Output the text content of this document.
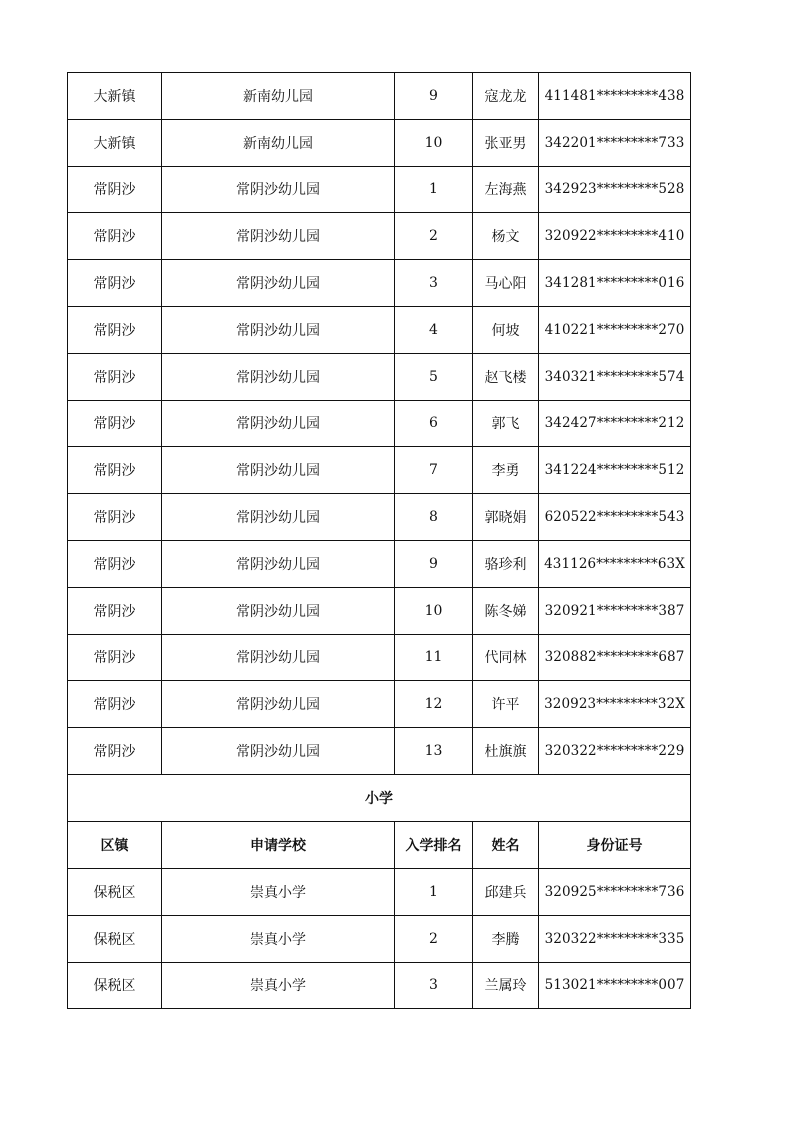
大新镇	新南幼儿园	9	寇龙龙	411481*********438
大新镇	新南幼儿园	10	张亚男	342201*********733
常阴沙	常阴沙幼儿园	1	左海燕	342923*********528
常阴沙	常阴沙幼儿园	2	杨文	320922*********410
常阴沙	常阴沙幼儿园	3	马心阳	341281*********016
常阴沙	常阴沙幼儿园	4	何坡	410221*********270
常阴沙	常阴沙幼儿园	5	赵飞楼	340321*********574
常阴沙	常阴沙幼儿园	6	郭飞	342427*********212
常阴沙	常阴沙幼儿园	7	李勇	341224*********512
常阴沙	常阴沙幼儿园	8	郭晓娟	620522*********543
常阴沙	常阴沙幼儿园	9	骆珍利	431126*********63X
常阴沙	常阴沙幼儿园	10	陈冬娣	320921*********387
常阴沙	常阴沙幼儿园	11	代同林	320882*********687
常阴沙	常阴沙幼儿园	12	许平	320923*********32X
常阴沙	常阴沙幼儿园	13	杜旗旗	320322*********229
小学				
区镇	申请学校	入学排名	姓名	身份证号
保税区	崇真小学	1	邱建兵	320925*********736
保税区	崇真小学	2	李腾	320322*********335
保税区	崇真小学	3	兰属玲	513021*********007
